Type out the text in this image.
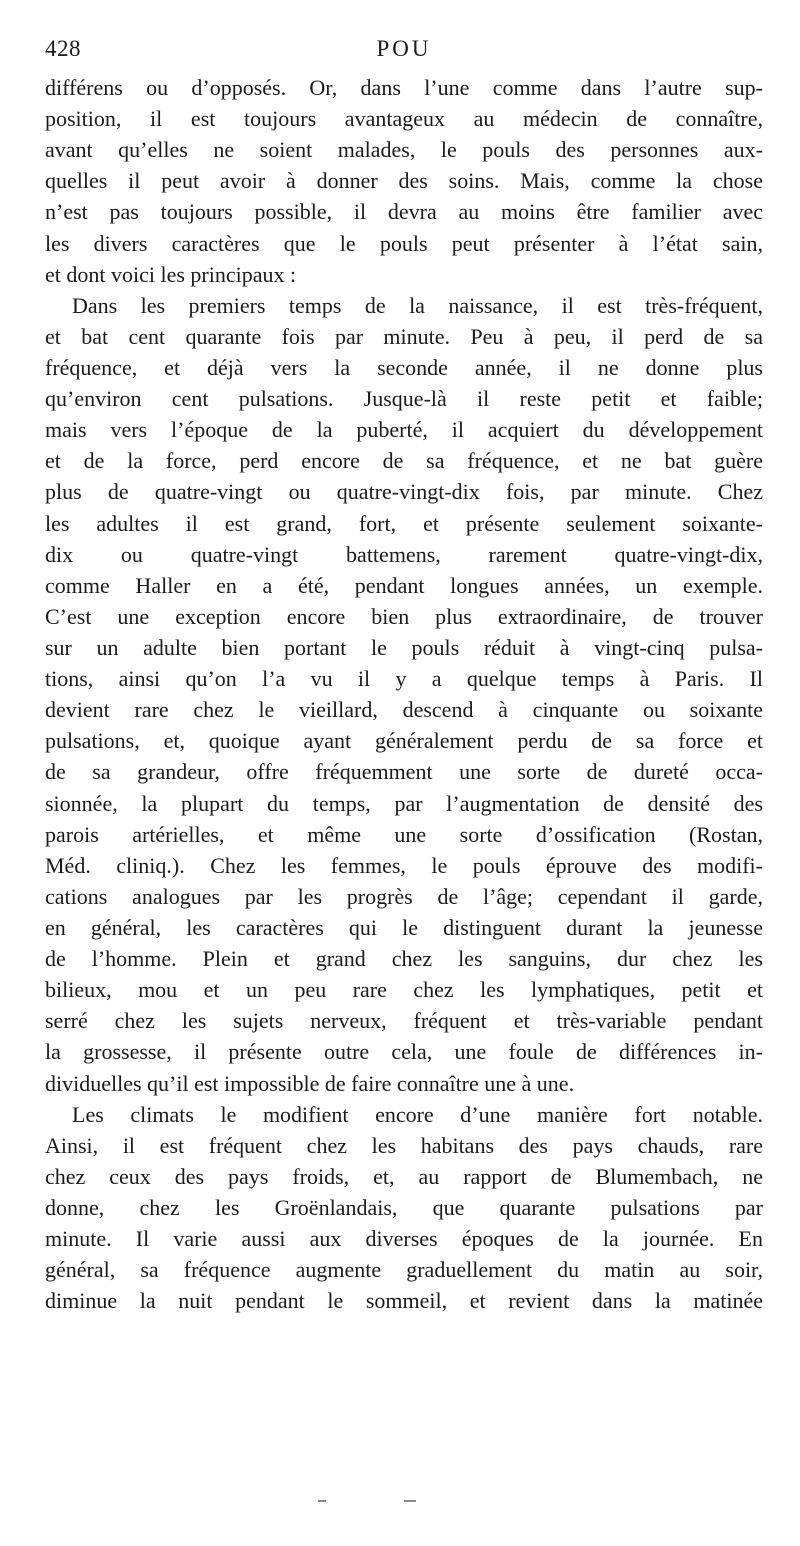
428	POU
différens ou d’opposés. Or, dans l’une comme dans l’autre sup-
position, il est toujours avantageux au médecin de connaître,
avant qu’elles ne soient malades, le pouls des personnes aux-
quelles il peut avoir à donner des soins. Mais, comme la chose
n’est pas toujours possible, il devra au moins être familier avec
les divers caractères que le pouls peut présenter à l’état sain,
et dont voici les principaux :
Dans les premiers temps de la naissance, il est très-fréquent,
et bat cent quarante fois par minute. Peu à peu, il perd de sa
fréquence, et déjà vers la seconde année, il ne donne plus
qu’environ cent pulsations. Jusque-là il reste petit et faible;
mais vers l’époque de la puberté, il acquiert du développement
et de la force, perd encore de sa fréquence, et ne bat guère
plus de quatre-vingt ou quatre-vingt-dix fois, par minute. Chez
les adultes il est grand, fort, et présente seulement soixante-
dix ou quatre-vingt battemens, rarement quatre-vingt-dix,
comme Haller en a été, pendant longues années, un exemple.
C’est une exception encore bien plus extraordinaire, de trouver
sur un adulte bien portant le pouls réduit à vingt-cinq pulsa-
tions, ainsi qu’on l’a vu il y a quelque temps à Paris. Il
devient rare chez le vieillard, descend à cinquante ou soixante
pulsations, et, quoique ayant généralement perdu de sa force et
de sa grandeur, offre fréquemment une sorte de dureté occa-
sionnée, la plupart du temps, par l’augmentation de densité des
parois artérielles, et même une sorte d’ossification (Rostan,
Méd. cliniq.). Chez les femmes, le pouls éprouve des modifi-
cations analogues par les progrès de l’âge; cependant il garde,
en général, les caractères qui le distinguent durant la jeunesse
de l’homme. Plein et grand chez les sanguins, dur chez les
bilieux, mou et un peu rare chez les lymphatiques, petit et
serré chez les sujets nerveux, fréquent et très-variable pendant
la grossesse, il présente outre cela, une foule de différences in-
dividuelles qu’il est impossible de faire connaître une à une.
Les climats le modifient encore d’une manière fort notable.
Ainsi, il est fréquent chez les habitans des pays chauds, rare
chez ceux des pays froids, et, au rapport de Blumembach, ne
donne, chez les Groënlandais, que quarante pulsations par
minute. Il varie aussi aux diverses époques de la journée. En
général, sa fréquence augmente graduellement du matin au soir,
diminue la nuit pendant le sommeil, et revient dans la matinée
